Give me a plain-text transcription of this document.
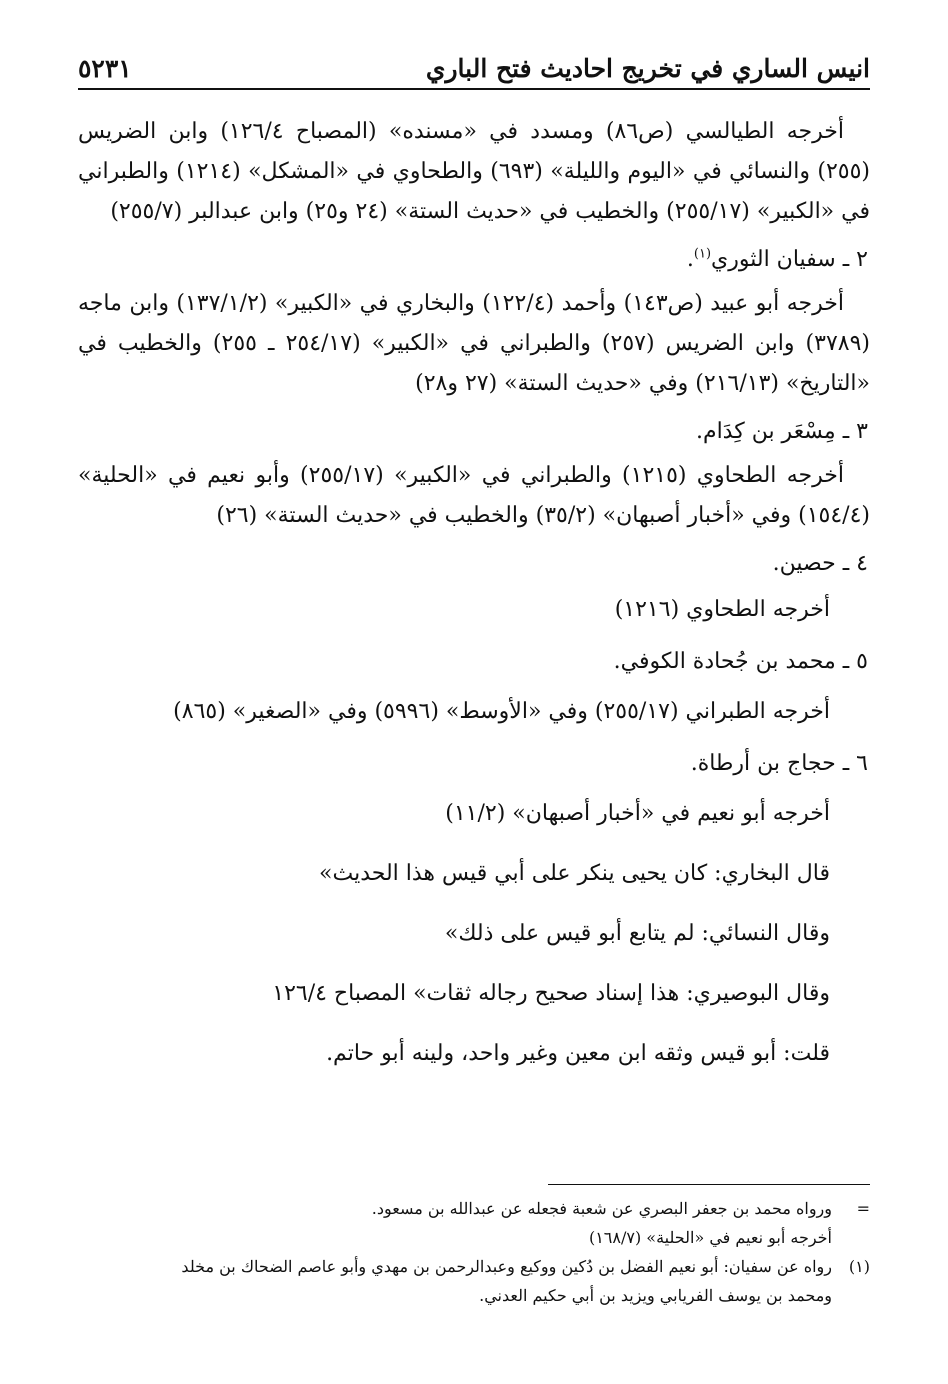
انيس الساري في تخريج احاديث فتح الباري
٥٢٣١

أخرجه الطيالسي (ص٨٦) ومسدد في «مسنده» (المصباح ١٢٦/٤) وابن الضريس (٢٥٥) والنسائي في «اليوم والليلة» (٦٩٣) والطحاوي في «المشكل» (١٢١٤) والطبراني في «الكبير» (٢٥٥/١٧) والخطيب في «حديث الستة» (٢٤ و٢٥) وابن عبدالبر (٢٥٥/٧)

٢ ـ سفيان الثوري$^{(١)}$.

أخرجه أبو عبيد (ص١٤٣) وأحمد (١٢٢/٤) والبخاري في «الكبير» (١٣٧/١/٢) وابن ماجه (٣٧٨٩) وابن الضريس (٢٥٧) والطبراني في «الكبير» (٢٥٤/١٧ ـ ٢٥٥) والخطيب في «التاريخ» (٢١٦/١٣) وفي «حديث الستة» (٢٧ و٢٨)

٣ ـ مِسْعَر بن كِدَام.

أخرجه الطحاوي (١٢١٥) والطبراني في «الكبير» (٢٥٥/١٧) وأبو نعيم في «الحلية» (١٥٤/٤) وفي «أخبار أصبهان» (٣٥/٢) والخطيب في «حديث الستة» (٢٦)

٤ ـ حصين.

أخرجه الطحاوي (١٢١٦)

٥ ـ محمد بن جُحادة الكوفي.

أخرجه الطبراني (٢٥٥/١٧) وفي «الأوسط» (٥٩٩٦) وفي «الصغير» (٨٦٥)

٦ ـ حجاج بن أرطاة.

أخرجه أبو نعيم في «أخبار أصبهان» (١١/٢)

قال البخاري: كان يحيى ينكر على أبي قيس هذا الحديث»

وقال النسائي: لم يتابع أبو قيس على ذلك»

وقال البوصيري: هذا إسناد صحيح رجاله ثقات» المصباح ١٢٦/٤

قلت: أبو قيس وثقه ابن معين وغير واحد، ولينه أبو حاتم.

=ورواه محمد بن جعفر البصري عن شعبة فجعله عن عبدالله بن مسعود.

أخرجه أبو نعيم في «الحلية» (١٦٨/٧)

(١)رواه عن سفيان: أبو نعيم الفضل بن دُكين ووكيع وعبدالرحمن بن مهدي وأبو عاصم الضحاك بن مخلد

ومحمد بن يوسف الفريابي ويزيد بن أبي حكيم العدني.
